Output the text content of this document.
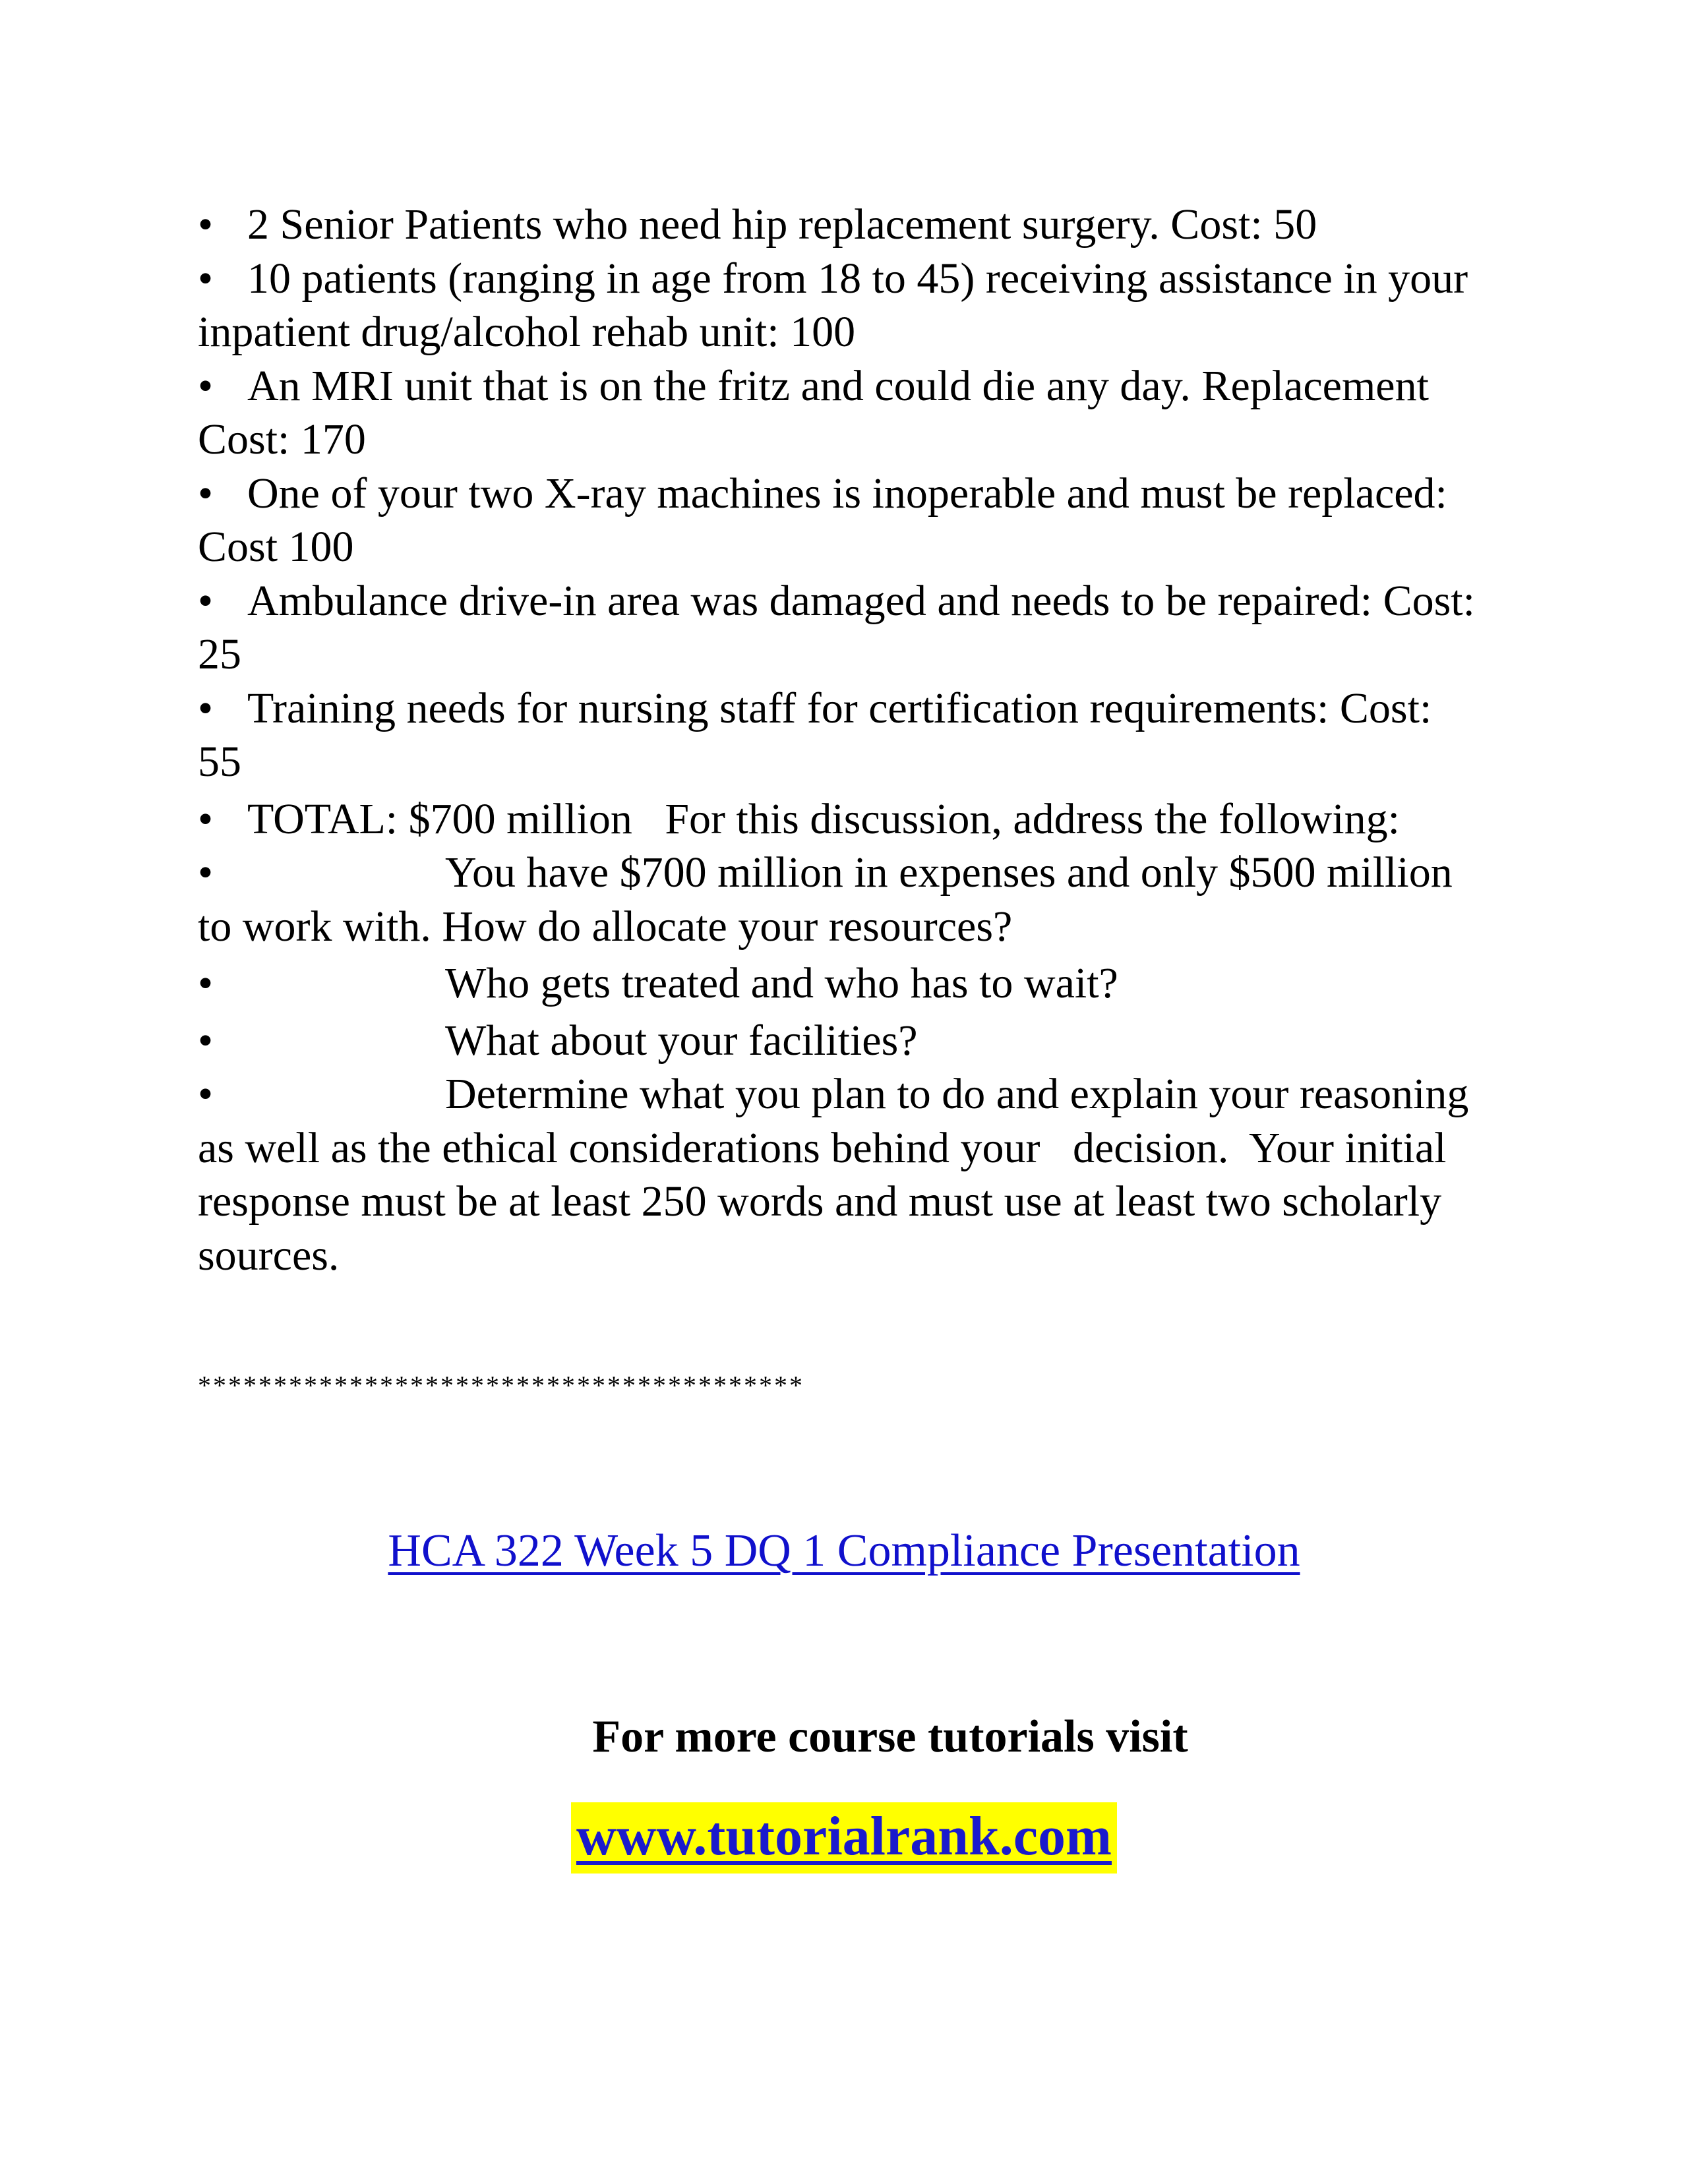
• 2 Senior Patients who need hip replacement surgery. Cost: 50

• 10 patients (ranging in age from 18 to 45) receiving assistance in your

inpatient drug/alcohol rehab unit: 100

• An MRI unit that is on the fritz and could die any day. Replacement

Cost: 170

• One of your two X-ray machines is inoperable and must be replaced:

Cost 100

• Ambulance drive-in area was damaged and needs to be repaired: Cost:

25

• Training needs for nursing staff for certification requirements: Cost:

55

• TOTAL: $700 million   For this discussion, address the following:

•	You have $700 million in expenses and only $500 million

to work with. How do allocate your resources?

•	Who gets treated and who has to wait?

•	What about your facilities?

•	Determine what you plan to do and explain your reasoning

as well as the ethical considerations behind your   decision.  Your initial

response must be at least 250 words and must use at least two scholarly

sources.

****************************************
HCA 322 Week 5 DQ 1 Compliance Presentation
For more course tutorials visit
www.tutorialrank.com
